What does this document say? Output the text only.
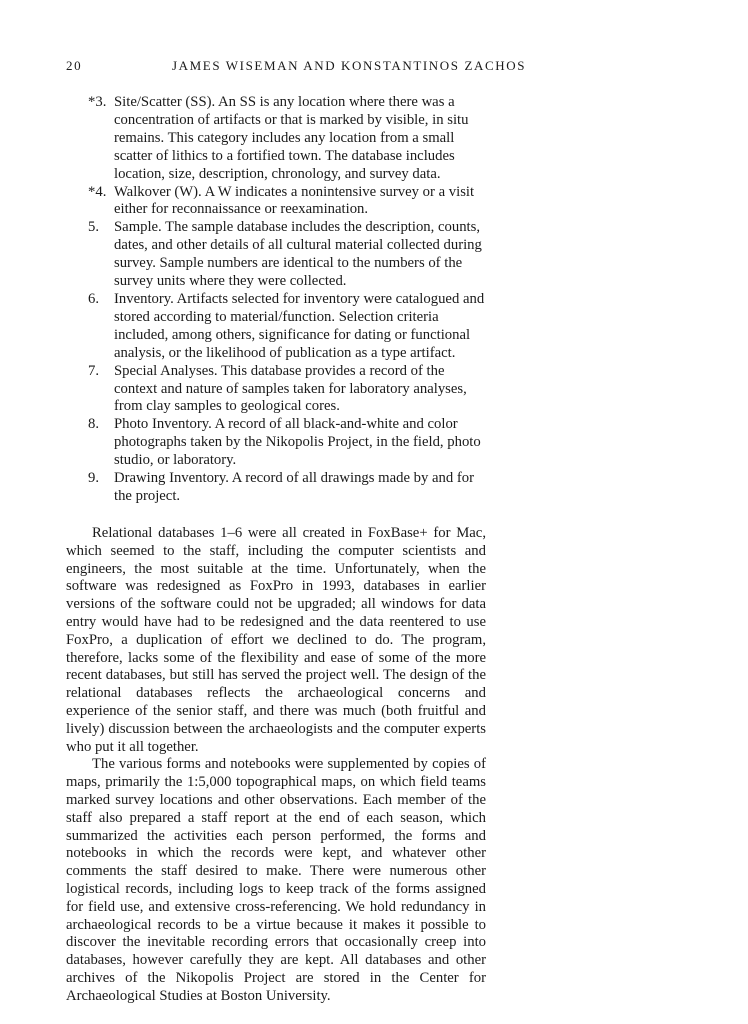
20	JAMES WISEMAN AND KONSTANTINOS ZACHOS

*3. Site/Scatter (SS). An SS is any location where there was a concentration of artifacts or that is marked by visible, in situ remains. This category includes any location from a small scatter of lithics to a fortified town. The database includes location, size, description, chronology, and survey data.

*4. Walkover (W). A W indicates a nonintensive survey or a visit either for reconnaissance or reexamination.

5. Sample. The sample database includes the description, counts, dates, and other details of all cultural material collected during survey. Sample numbers are identical to the numbers of the survey units where they were collected.

6. Inventory. Artifacts selected for inventory were catalogued and stored according to material/function. Selection criteria included, among others, significance for dating or functional analysis, or the likelihood of publication as a type artifact.

7. Special Analyses. This database provides a record of the context and nature of samples taken for laboratory analyses, from clay samples to geological cores.

8. Photo Inventory. A record of all black-and-white and color photographs taken by the Nikopolis Project, in the field, photo studio, or laboratory.

9. Drawing Inventory. A record of all drawings made by and for the project.

Relational databases 1–6 were all created in FoxBase+ for Mac, which seemed to the staff, including the computer scientists and engineers, the most suitable at the time. Unfortunately, when the software was redesigned as FoxPro in 1993, databases in earlier versions of the software could not be upgraded; all windows for data entry would have had to be redesigned and the data reentered to use FoxPro, a duplication of effort we declined to do. The program, therefore, lacks some of the flexibility and ease of some of the more recent databases, but still has served the project well. The design of the relational databases reflects the archaeological concerns and experience of the senior staff, and there was much (both fruitful and lively) discussion between the archaeologists and the computer experts who put it all together.

The various forms and notebooks were supplemented by copies of maps, primarily the 1:5,000 topographical maps, on which field teams marked survey locations and other observations. Each member of the staff also prepared a staff report at the end of each season, which summarized the activities each person performed, the forms and notebooks in which the records were kept, and whatever other comments the staff desired to make. There were numerous other logistical records, including logs to keep track of the forms assigned for field use, and extensive cross-referencing. We hold redundancy in archaeological records to be a virtue because it makes it possible to discover the inevitable recording errors that occasionally creep into databases, however carefully they are kept. All databases and other archives of the Nikopolis Project are stored in the Center for Archaeological Studies at Boston University.
